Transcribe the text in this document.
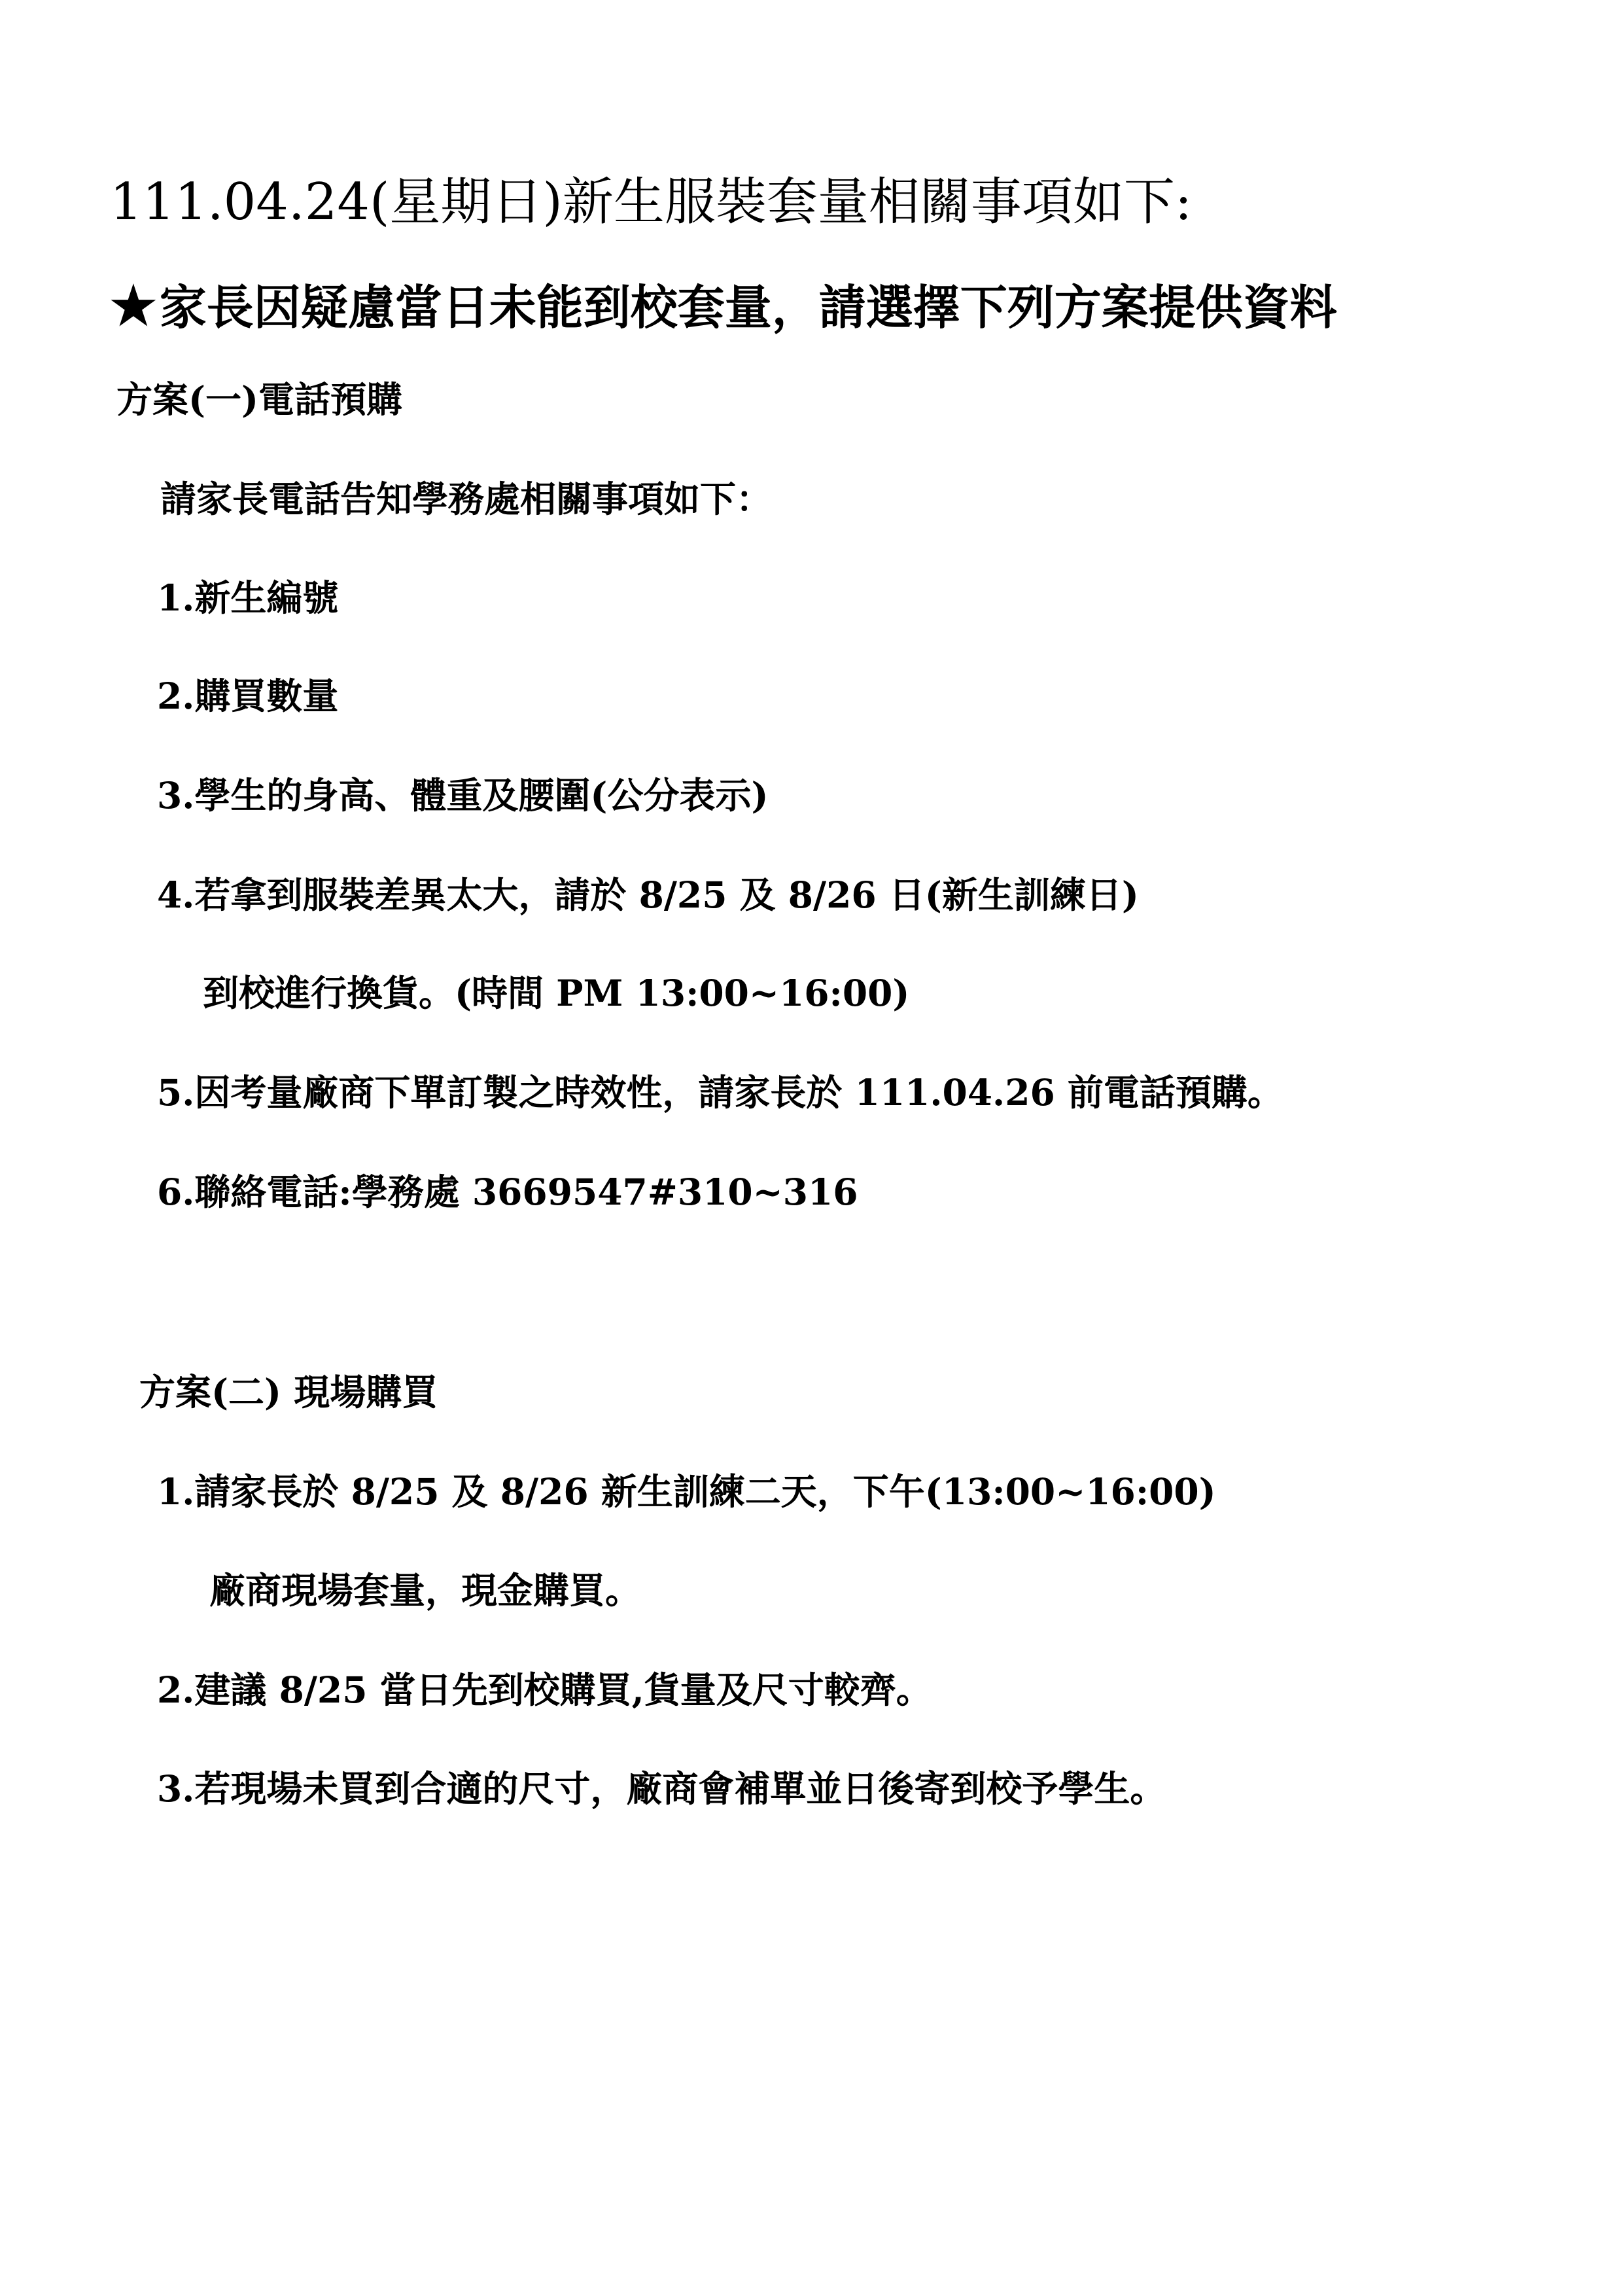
111.04.24(星期日)新生服裝套量相關事項如下:
★家長因疑慮當日未能到校套量，請選擇下列方案提供資料
方案(一)電話預購
請家長電話告知學務處相關事項如下：
1.新生編號
2.購買數量
3.學生的身高、體重及腰圍(公分表示)
4.若拿到服裝差異太大，請於 8/25 及 8/26 日(新生訓練日)
到校進行換貨。(時間 PM 13:00~16:00)
5.因考量廠商下單訂製之時效性，請家長於 111.04.26 前電話預購。
6.聯絡電話:學務處 3669547#310~316
方案(二) 現場購買
1.請家長於 8/25 及 8/26 新生訓練二天，下午(13:00~16:00)
廠商現場套量，現金購買。
2.建議 8/25 當日先到校購買,貨量及尺寸較齊。
3.若現場未買到合適的尺寸，廠商會補單並日後寄到校予學生。
